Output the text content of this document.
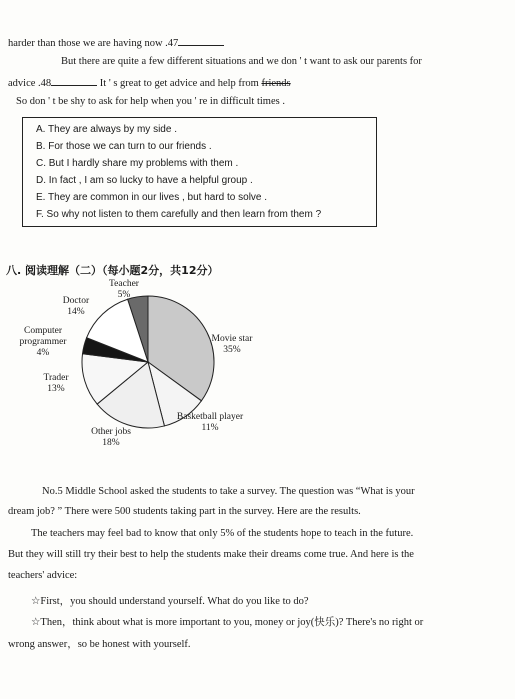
harder than those we are having now .47
But there are quite a few different situations and we don ' t want to ask our parents for
advice .48	It ' s great to get advice and help from friends
So don ' t be shy to ask for help when you ' re in difficult times .
A. They are always by my side .
B. For those we can turn to our friends .
C. But I hardly share my problems with them .
D. In fact , I am so lucky to have a helpful group .
E. They are common in our lives , but hard to solve .
F. So why not listen to them carefully and then learn from them ?
八. 阅读理解（二）（每小题2分，共12分）
Teacher
5%
Doctor
14%
Computer
programmer
4%
Trader
13%
Movie star
35%
Basketball player
11%
Other jobs
18%
No.5 Middle School asked the students to take a survey. The question was “What is your
dream job? ” There were 500 students taking part in the survey. Here are the results.
The teachers may feel bad to know that only 5% of the students hope to teach in the future.
But they will still try their best to help the students make their dreams come true. And here is the
teachers' advice:
☆First，you should understand yourself. What do you like to do?
☆Then，think about what is more important to you, money or joy(快乐)? There's no right or
wrong answer，so be honest with yourself.
